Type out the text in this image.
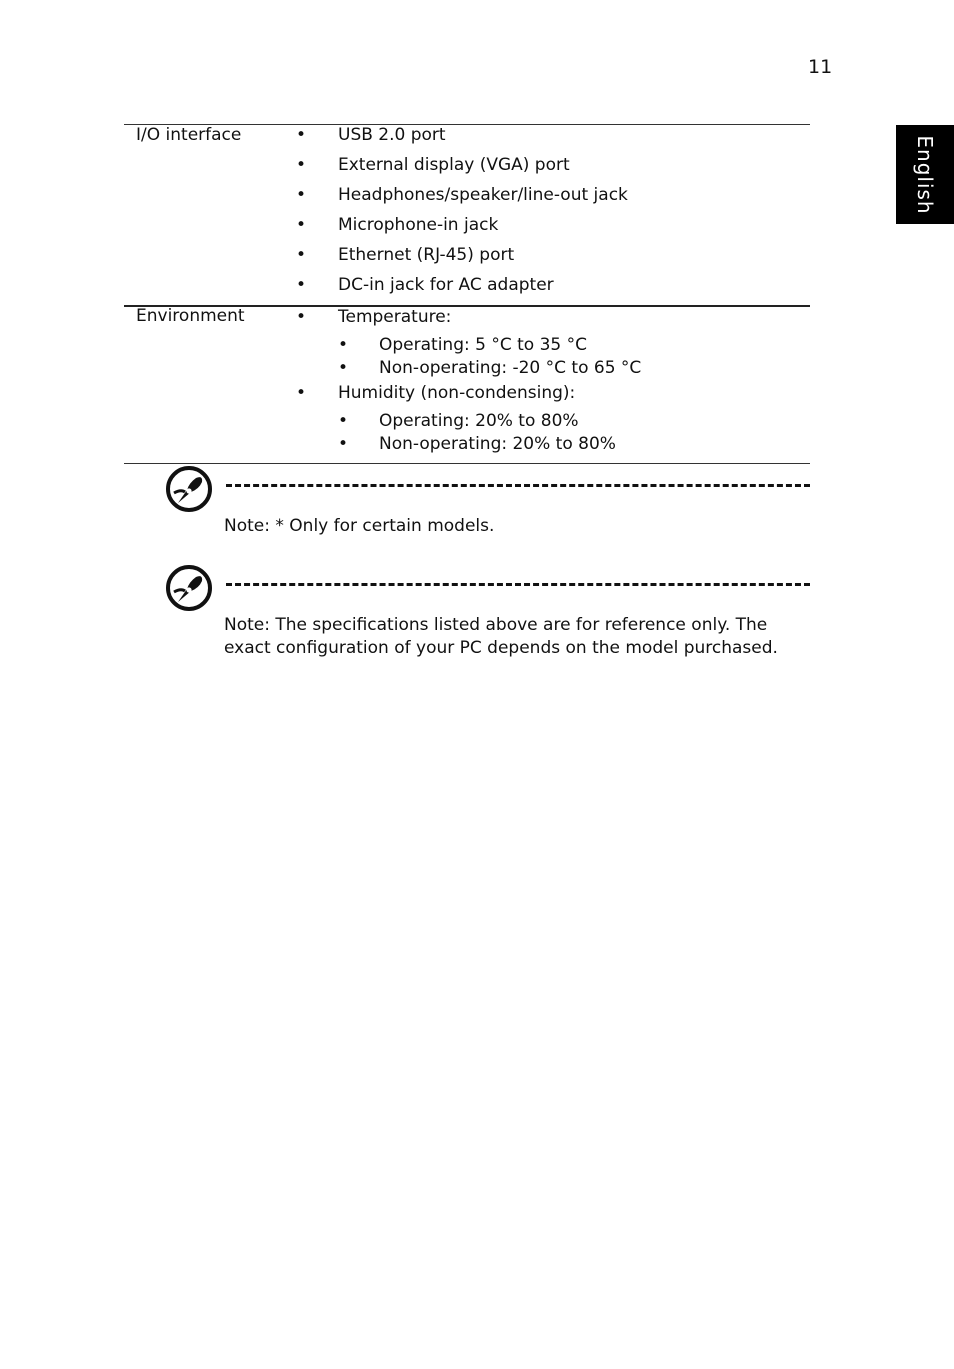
11
English
I/O interface	• USB 2.0 port
• External display (VGA) port
• Headphones/speaker/line-out jack
• Microphone-in jack
• Ethernet (RJ-45) port
• DC-in jack for AC adapter
Environment	• Temperature:
• Operating: 5 °C to 35 °C
• Non-operating: -20 °C to 65 °C
• Humidity (non-condensing):
• Operating: 20% to 80%
• Non-operating: 20% to 80%
Note: * Only for certain models.
Note: The specifications listed above are for reference only. The exact configuration of your PC depends on the model purchased.
